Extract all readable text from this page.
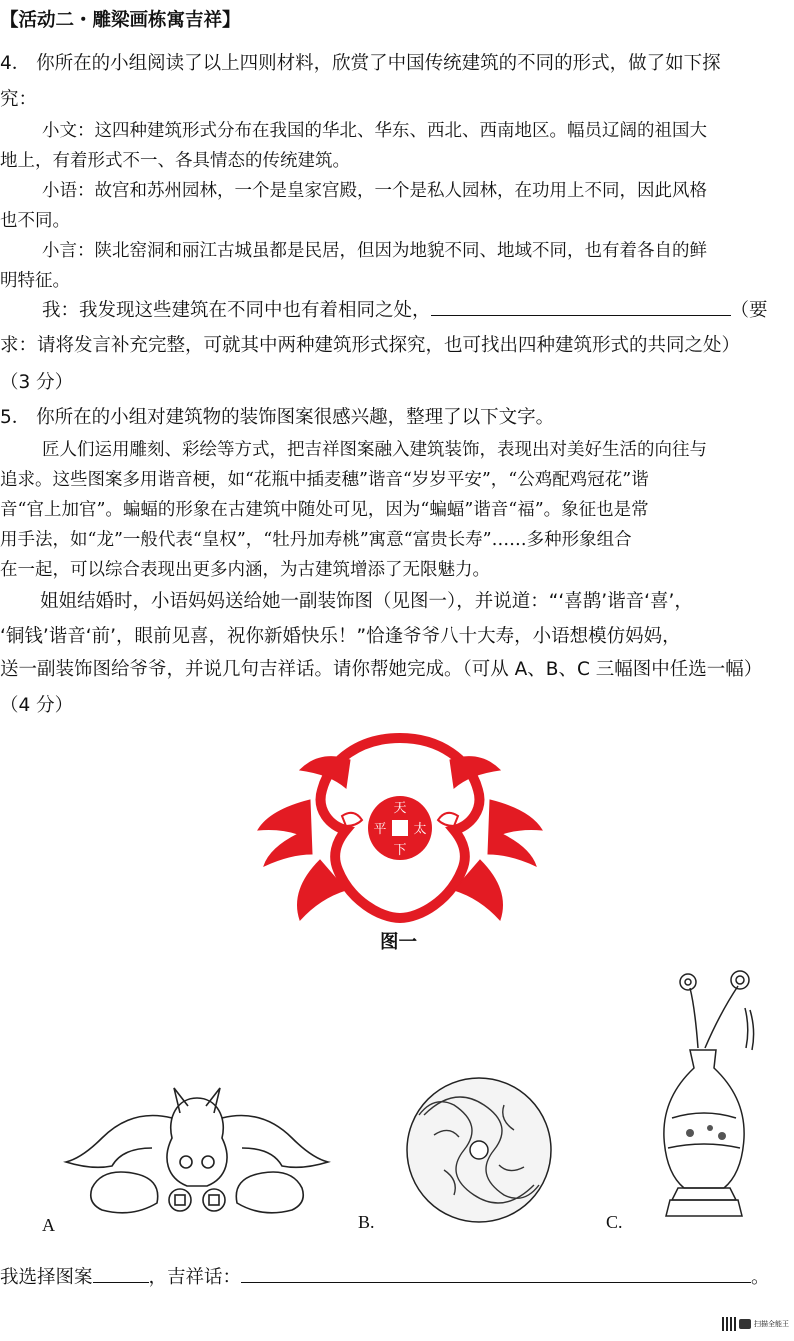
【活动二・雕梁画栋寓吉祥】
4． 你所在的小组阅读了以上四则材料，欣赏了中国传统建筑的不同的形式，做了如下探
究：
小文：这四种建筑形式分布在我国的华北、华东、西北、西南地区。幅员辽阔的祖国大
地上，有着形式不一、各具情态的传统建筑。
小语：故宫和苏州园林，一个是皇家宫殿，一个是私人园林，在功用上不同，因此风格
也不同。
小言：陕北窑洞和丽江古城虽都是民居，但因为地貌不同、地域不同，也有着各自的鲜
明特征。
我：我发现这些建筑在不同中也有着相同之处，	（要
求：请将发言补充完整，可就其中两种建筑形式探究，也可找出四种建筑形式的共同之处）
（3 分）
5． 你所在的小组对建筑物的装饰图案很感兴趣，整理了以下文字。
匠人们运用雕刻、彩绘等方式，把吉祥图案融入建筑装饰，表现出对美好生活的向往与
追求。这些图案多用谐音梗，如“花瓶中插麦穗”谐音“岁岁平安”，“公鸡配鸡冠花”谐
音“官上加官”。蝙蝠的形象在古建筑中随处可见，因为“蝙蝠”谐音“福”。象征也是常
用手法，如“龙”一般代表“皇权”，“牡丹加寿桃”寓意“富贵长寿”……多种形象组合
在一起，可以综合表现出更多内涵，为古建筑增添了无限魅力。
姐姐结婚时，小语妈妈送给她一副装饰图（见图一），并说道：“‘喜鹊’谐音‘喜’，
‘铜钱’谐音‘前’，眼前见喜，祝你新婚快乐！”恰逢爷爷八十大寿，小语想模仿妈妈，
送一副装饰图给爷爷，并说几句吉祥话。请你帮她完成。（可从 A、B、C 三幅图中任选一幅）
（4 分）
天
太
下
平
图一
A	B.	C.
我选择图案	，吉祥话：	。
扫描全能王
